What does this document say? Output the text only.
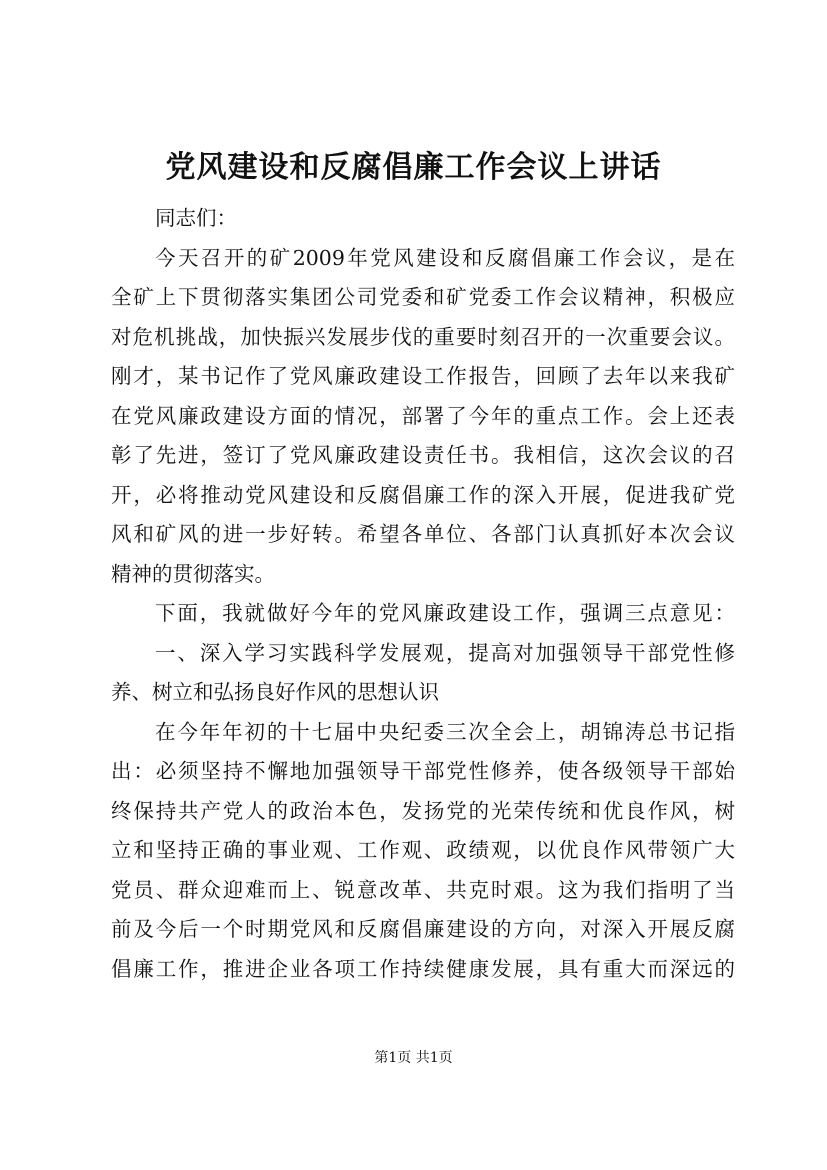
党风建设和反腐倡廉工作会议上讲话
同志们：
今天召开的矿2009年党风建设和反腐倡廉工作会议，是在
全矿上下贯彻落实集团公司党委和矿党委工作会议精神，积极应
对危机挑战，加快振兴发展步伐的重要时刻召开的一次重要会议。
刚才，某书记作了党风廉政建设工作报告，回顾了去年以来我矿
在党风廉政建设方面的情况，部署了今年的重点工作。会上还表
彰了先进，签订了党风廉政建设责任书。我相信，这次会议的召
开，必将推动党风建设和反腐倡廉工作的深入开展，促进我矿党
风和矿风的进一步好转。希望各单位、各部门认真抓好本次会议
精神的贯彻落实。
下面，我就做好今年的党风廉政建设工作，强调三点意见：
一、深入学习实践科学发展观，提高对加强领导干部党性修
养、树立和弘扬良好作风的思想认识
在今年年初的十七届中央纪委三次全会上，胡锦涛总书记指
出：必须坚持不懈地加强领导干部党性修养，使各级领导干部始
终保持共产党人的政治本色，发扬党的光荣传统和优良作风，树
立和坚持正确的事业观、工作观、政绩观，以优良作风带领广大
党员、群众迎难而上、锐意改革、共克时艰。这为我们指明了当
前及今后一个时期党风和反腐倡廉建设的方向，对深入开展反腐
倡廉工作，推进企业各项工作持续健康发展，具有重大而深远的
第1页 共1页
